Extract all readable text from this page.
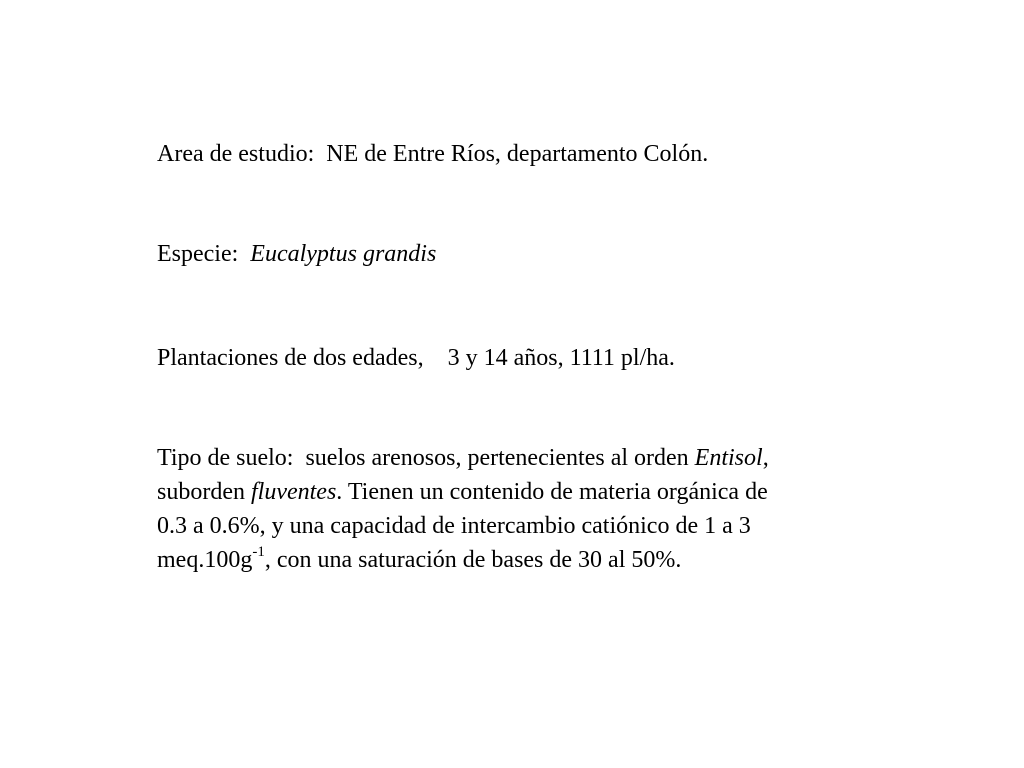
Area de estudio: NE de Entre Ríos, departamento Colón.

Especie: Eucalyptus grandis

Plantaciones de dos edades, 3 y 14 años, 1111 pl/ha.

Tipo de suelo: suelos arenosos, pertenecientes al orden Entisol,
suborden fluventes. Tienen un contenido de materia orgánica de
0.3 a 0.6%, y una capacidad de intercambio catiónico de 1 a 3
$meq.100g^{-1}$, con una saturación de bases de 30 al 50%.
